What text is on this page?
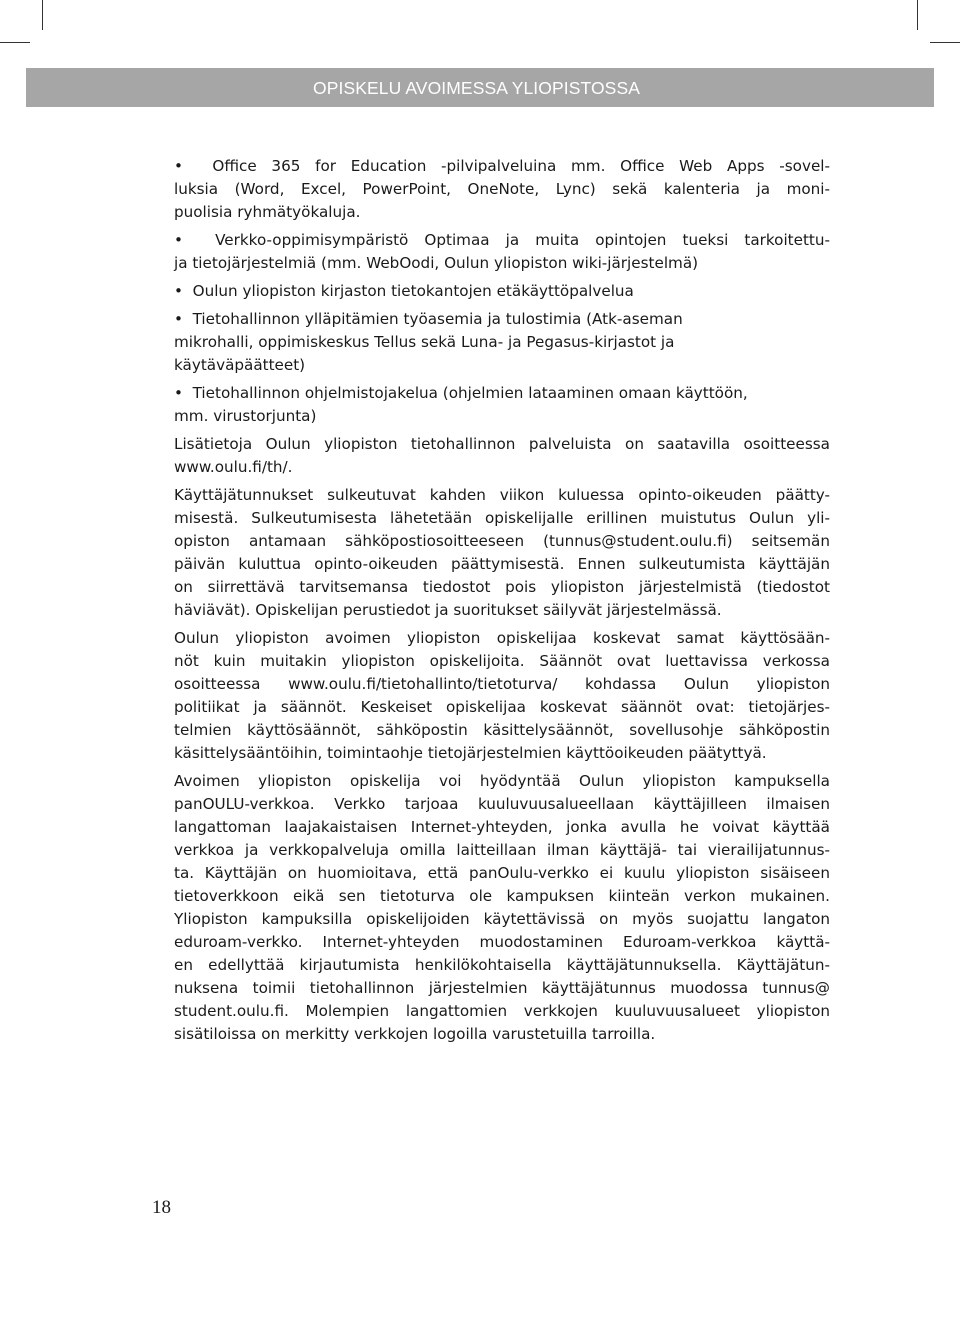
OPISKELU AVOIMESSA YLIOPISTOSSA
•  Office 365 for Education -pilvipalveluina mm. Office Web Apps -sovel-
luksia (Word, Excel, PowerPoint, OneNote, Lync) sekä kalenteria ja moni-
puolisia ryhmätyökaluja.
•  Verkko-oppimisympäristö Optimaa ja muita opintojen tueksi tarkoitettu-
ja tietojärjestelmiä (mm. WebOodi, Oulun yliopiston wiki-järjestelmä)
•  Oulun yliopiston kirjaston tietokantojen etäkäyttöpalvelua
•  Tietohallinnon ylläpitämien työasemia ja tulostimia (Atk-aseman
mikrohalli, oppimiskeskus Tellus sekä Luna- ja Pegasus-kirjastot ja
käytäväpäätteet)
•  Tietohallinnon ohjelmistojakelua (ohjelmien lataaminen omaan käyttöön,
mm. virustorjunta)
Lisätietoja Oulun yliopiston tietohallinnon palveluista on saatavilla osoitteessa
www.oulu.fi/th/.
Käyttäjätunnukset sulkeutuvat kahden viikon kuluessa opinto-oikeuden päätty-
misestä. Sulkeutumisesta lähetetään opiskelijalle erillinen muistutus Oulun yli-
opiston antamaan sähköpostiosoitteeseen (tunnus@student.oulu.fi) seitsemän
päivän kuluttua opinto-oikeuden päättymisestä. Ennen sulkeutumista käyttäjän
on siirrettävä tarvitsemansa tiedostot pois yliopiston järjestelmistä (tiedostot
häviävät). Opiskelijan perustiedot ja suoritukset säilyvät järjestelmässä.
Oulun yliopiston avoimen yliopiston opiskelijaa koskevat samat käyttösään-
nöt kuin muitakin yliopiston opiskelijoita. Säännöt ovat luettavissa verkossa
osoitteessa www.oulu.fi/tietohallinto/tietoturva/ kohdassa Oulun yliopiston
politiikat ja säännöt. Keskeiset opiskelijaa koskevat säännöt ovat: tietojärjes-
telmien käyttösäännöt, sähköpostin käsittelysäännöt, sovellusohje sähköpostin
käsittelysääntöihin, toimintaohje tietojärjestelmien käyttöoikeuden päätyttyä.
Avoimen yliopiston opiskelija voi hyödyntää Oulun yliopiston kampuksella
panOULU-verkkoa. Verkko tarjoaa kuuluvuusalueellaan käyttäjilleen ilmaisen
langattoman laajakaistaisen Internet-yhteyden, jonka avulla he voivat käyttää
verkkoa ja verkkopalveluja omilla laitteillaan ilman käyttäjä- tai vierailijatunnus-
ta. Käyttäjän on huomioitava, että panOulu-verkko ei kuulu yliopiston sisäiseen
tietoverkkoon eikä sen tietoturva ole kampuksen kiinteän verkon mukainen.
Yliopiston kampuksilla opiskelijoiden käytettävissä on myös suojattu langaton
eduroam-verkko. Internet-yhteyden muodostaminen Eduroam-verkkoa käyttä-
en edellyttää kirjautumista henkilökohtaisella käyttäjätunnuksella. Käyttäjätun-
nuksena toimii tietohallinnon järjestelmien käyttäjätunnus muodossa tunnus@
student.oulu.fi. Molempien langattomien verkkojen kuuluvuusalueet yliopiston
sisätiloissa on merkitty verkkojen logoilla varustetuilla tarroilla.
18
